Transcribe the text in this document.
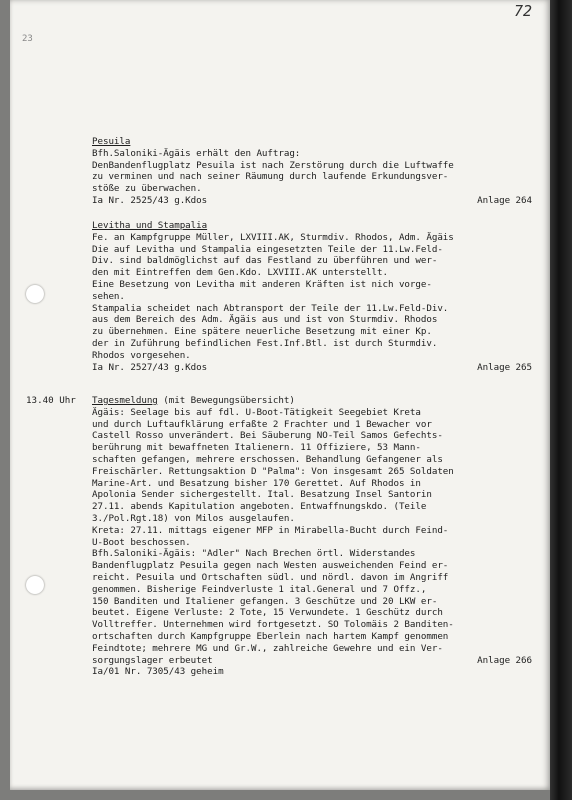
23
Pesuila
Bfh.Saloniki-Ägäis erhält den Auftrag:
DenBandenflugplatz Pesuila ist nach Zerstörung durch die Luftwaffe
zu verminen und nach seiner Räumung durch laufende Erkundungsver-
stöße zu überwachen.
Ia Nr. 2525/43 g.Kdos	Anlage 264
Levitha und Stampalia
Fe. an Kampfgruppe Müller, LXVIII.AK, Sturmdiv. Rhodos, Adm. Ägäis
Die auf Levitha und Stampalia eingesetzten Teile der 11.Lw.Feld-
Div. sind baldmöglichst auf das Festland zu überführen und wer-
den mit Eintreffen dem Gen.Kdo. LXVIII.AK unterstellt.
Eine Besetzung von Levitha mit anderen Kräften ist nich vorge-
sehen.
Stampalia scheidet nach Abtransport der Teile der 11.Lw.Feld-Div.
aus dem Bereich des Adm. Ägäis aus und ist von Sturmdiv. Rhodos
zu übernehmen. Eine spätere neuerliche Besetzung mit einer Kp.
der in Zuführung befindlichen Fest.Inf.Btl. ist durch Sturmdiv.
Rhodos vorgesehen.
Ia Nr. 2527/43 g.Kdos	Anlage 265
13.40 Uhr Tagesmeldung (mit Bewegungsübersicht)
Ägäis: Seelage bis auf fdl. U-Boot-Tätigkeit Seegebiet Kreta
und durch Luftaufklärung erfaßte 2 Frachter und 1 Bewacher vor
Castell Rosso unverändert. Bei Säuberung NO-Teil Samos Gefechts-
berührung mit bewaffneten Italienern. 11 Offiziere, 53 Mann-
schaften gefangen, mehrere erschossen. Behandlung Gefangener als
Freischärler. Rettungsaktion D "Palma": Von insgesamt 265 Soldaten
Marine-Art. und Besatzung bisher 170 Gerettet. Auf Rhodos in
Apolonia Sender sichergestellt. Ital. Besatzung Insel Santorin
27.11. abends Kapitulation angeboten. Entwaffnungskdo. (Teile
3./Pol.Rgt.18) von Milos ausgelaufen.
Kreta: 27.11. mittags eigener MFP in Mirabella-Bucht durch Feind-
U-Boot beschossen.
Bfh.Saloniki-Ägäis: "Adler" Nach Brechen örtl. Widerstandes
Bandenflugplatz Pesuila gegen nach Westen ausweichenden Feind er-
reicht. Pesuila und Ortschaften südl. und nördl. davon im Angriff
genommen. Bisherige Feindverluste 1 ital.General und 7 Offz.,
150 Banditen und Italiener gefangen. 3 Geschütze und 20 LKW er-
beutet. Eigene Verluste: 2 Tote, 15 Verwundete. 1 Geschütz durch
Volltreffer. Unternehmen wird fortgesetzt. SO Tolomäis 2 Banditen-
ortschaften durch Kampfgruppe Eberlein nach hartem Kampf genommen
Feindtote; mehrere MG und Gr.W., zahlreiche Gewehre und ein Ver-
sorgungslager erbeutet	Anlage 266
Ia/01 Nr. 7305/43 geheim
72
